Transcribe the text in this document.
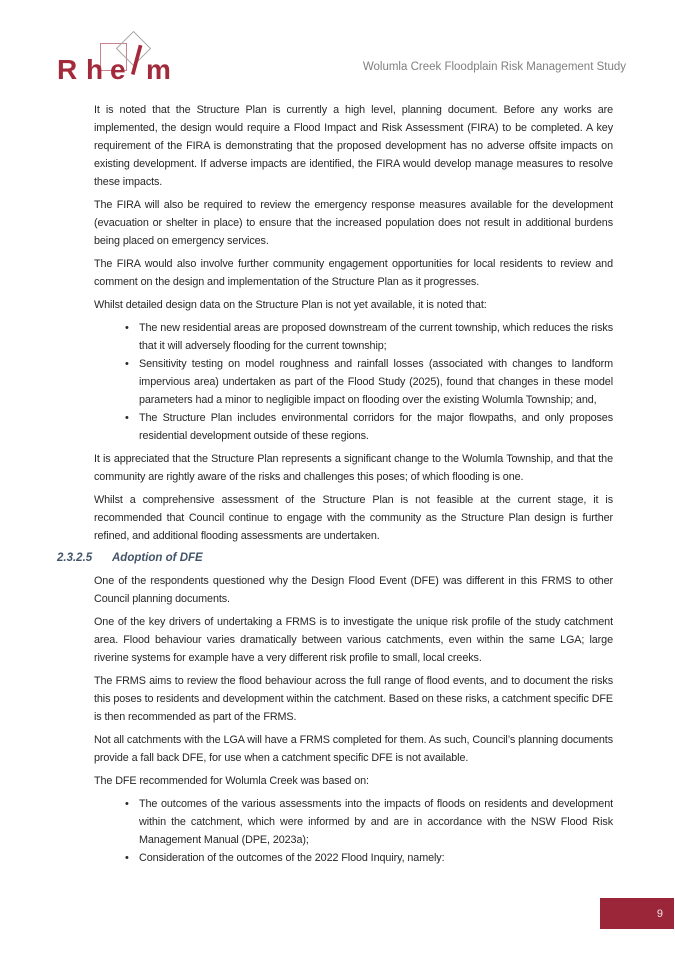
R h e l m	Wolumla Creek Floodplain Risk Management Study

It is noted that the Structure Plan is currently a high level, planning document. Before any works are implemented, the design would require a Flood Impact and Risk Assessment (FIRA) to be completed. A key requirement of the FIRA is demonstrating that the proposed development has no adverse offsite impacts on existing development. If adverse impacts are identified, the FIRA would develop manage measures to resolve these impacts.

The FIRA will also be required to review the emergency response measures available for the development (evacuation or shelter in place) to ensure that the increased population does not result in additional burdens being placed on emergency services.

The FIRA would also involve further community engagement opportunities for local residents to review and comment on the design and implementation of the Structure Plan as it progresses.

Whilst detailed design data on the Structure Plan is not yet available, it is noted that:

• The new residential areas are proposed downstream of the current township, which reduces the risks that it will adversely flooding for the current township;
• Sensitivity testing on model roughness and rainfall losses (associated with changes to landform impervious area) undertaken as part of the Flood Study (2025), found that changes in these model parameters had a minor to negligible impact on flooding over the existing Wolumla Township; and,
• The Structure Plan includes environmental corridors for the major flowpaths, and only proposes residential development outside of these regions.

It is appreciated that the Structure Plan represents a significant change to the Wolumla Township, and that the community are rightly aware of the risks and challenges this poses; of which flooding is one.

Whilst a comprehensive assessment of the Structure Plan is not feasible at the current stage, it is recommended that Council continue to engage with the community as the Structure Plan design is further refined, and additional flooding assessments are undertaken.

2.3.2.5 Adoption of DFE

One of the respondents questioned why the Design Flood Event (DFE) was different in this FRMS to other Council planning documents.

One of the key drivers of undertaking a FRMS is to investigate the unique risk profile of the study catchment area. Flood behaviour varies dramatically between various catchments, even within the same LGA; large riverine systems for example have a very different risk profile to small, local creeks.

The FRMS aims to review the flood behaviour across the full range of flood events, and to document the risks this poses to residents and development within the catchment. Based on these risks, a catchment specific DFE is then recommended as part of the FRMS.

Not all catchments with the LGA will have a FRMS completed for them. As such, Council’s planning documents provide a fall back DFE, for use when a catchment specific DFE is not available.

The DFE recommended for Wolumla Creek was based on:

• The outcomes of the various assessments into the impacts of floods on residents and development within the catchment, which were informed by and are in accordance with the NSW Flood Risk Management Manual (DPE, 2023a);
• Consideration of the outcomes of the 2022 Flood Inquiry, namely:
9
